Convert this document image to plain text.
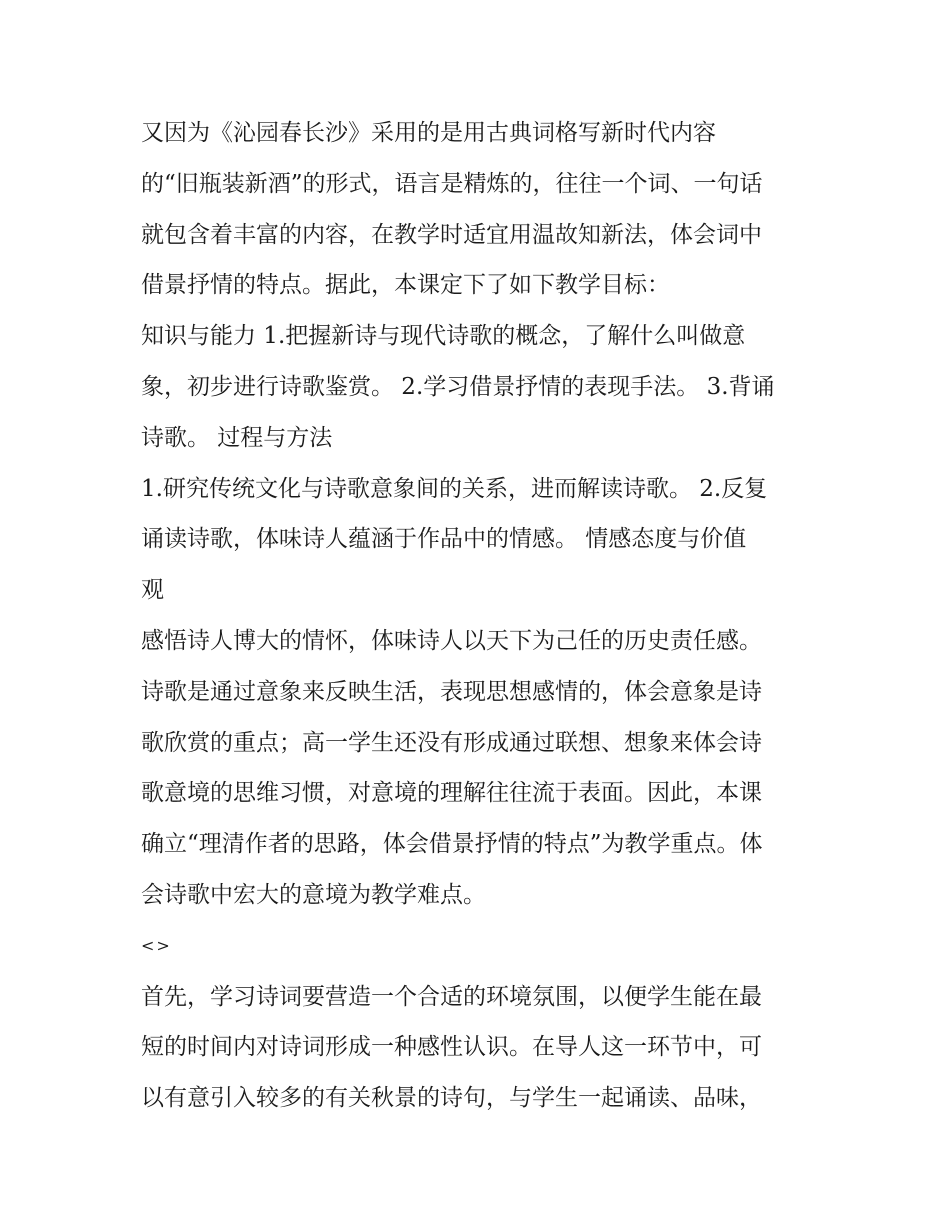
又因为《沁园春长沙》采用的是用古典词格写新时代内容
的“旧瓶装新酒”的形式，语言是精炼的，往往一个词、一句话
就包含着丰富的内容，在教学时适宜用温故知新法，体会词中
借景抒情的特点。据此，本课定下了如下教学目标：
知识与能力 1.把握新诗与现代诗歌的概念，了解什么叫做意
象，初步进行诗歌鉴赏。 2.学习借景抒情的表现手法。 3.背诵
诗歌。 过程与方法
1.研究传统文化与诗歌意象间的关系，进而解读诗歌。 2.反复
诵读诗歌，体味诗人蕴涵于作品中的情感。 情感态度与价值
观
感悟诗人博大的情怀，体味诗人以天下为己任的历史责任感。
诗歌是通过意象来反映生活，表现思想感情的，体会意象是诗
歌欣赏的重点；高一学生还没有形成通过联想、想象来体会诗
歌意境的思维习惯，对意境的理解往往流于表面。因此，本课
确立“理清作者的思路，体会借景抒情的特点”为教学重点。体
会诗歌中宏大的意境为教学难点。
<>
首先，学习诗词要营造一个合适的环境氛围，以便学生能在最
短的时间内对诗词形成一种感性认识。在导人这一环节中，可
以有意引入较多的有关秋景的诗句，与学生一起诵读、品味，
